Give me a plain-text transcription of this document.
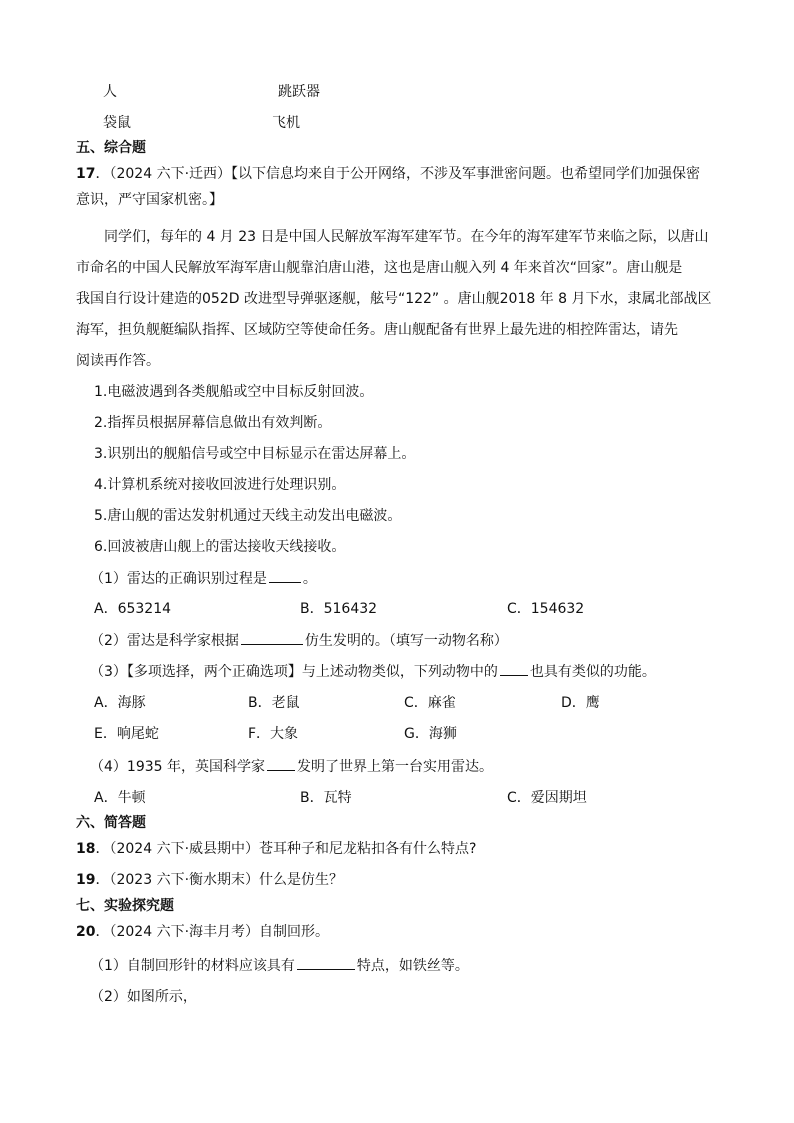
人	跳跃器
袋鼠	飞机
五、综合题
17．（2024 六下·迁西）【以下信息均来自于公开网络，不涉及军事泄密问题。也希望同学们加强保密
意识，严守国家机密。】
同学们，每年的 4 月 23 日是中国人民解放军海军建军节。在今年的海军建军节来临之际，以唐山
市命名的中国人民解放军海军唐山舰靠泊唐山港，这也是唐山舰入列 4 年来首次“回家”。唐山舰是
我国自行设计建造的052D 改进型导弹驱逐舰，舷号“122” 。唐山舰2018 年 8 月下水，隶属北部战区
海军，担负舰艇编队指挥、区域防空等使命任务。唐山舰配备有世界上最先进的相控阵雷达，请先
阅读再作答。
1.电磁波遇到各类舰船或空中目标反射回波。
2.指挥员根据屏幕信息做出有效判断。
3.识别出的舰船信号或空中目标显示在雷达屏幕上。
4.计算机系统对接收回波进行处理识别。
5.唐山舰的雷达发射机通过天线主动发出电磁波。
6.回波被唐山舰上的雷达接收天线接收。
（1）雷达的正确识别过程是	。
A．653214	B．516432	C．154632
（2）雷达是科学家根据	仿生发明的。（填写一动物名称）
（3）【多项选择，两个正确选项】与上述动物类似，下列动物中的 也具有类似的功能。
A．海豚	B．老鼠	C．麻雀	D．鹰
E．响尾蛇	F．大象	G．海狮
（4）1935 年，英国科学家 发明了世界上第一台实用雷达。
A．牛顿	B．瓦特	C．爱因期坦
六、简答题
18．（2024 六下·威县期中）苍耳种子和尼龙粘扣各有什么特点?
19．（2023 六下·衡水期末）什么是仿生？
七、实验探究题
20．（2024 六下·海丰月考）自制回形。
（1）自制回形针的材料应该具有	特点，如铁丝等。
（2）如图所示，
